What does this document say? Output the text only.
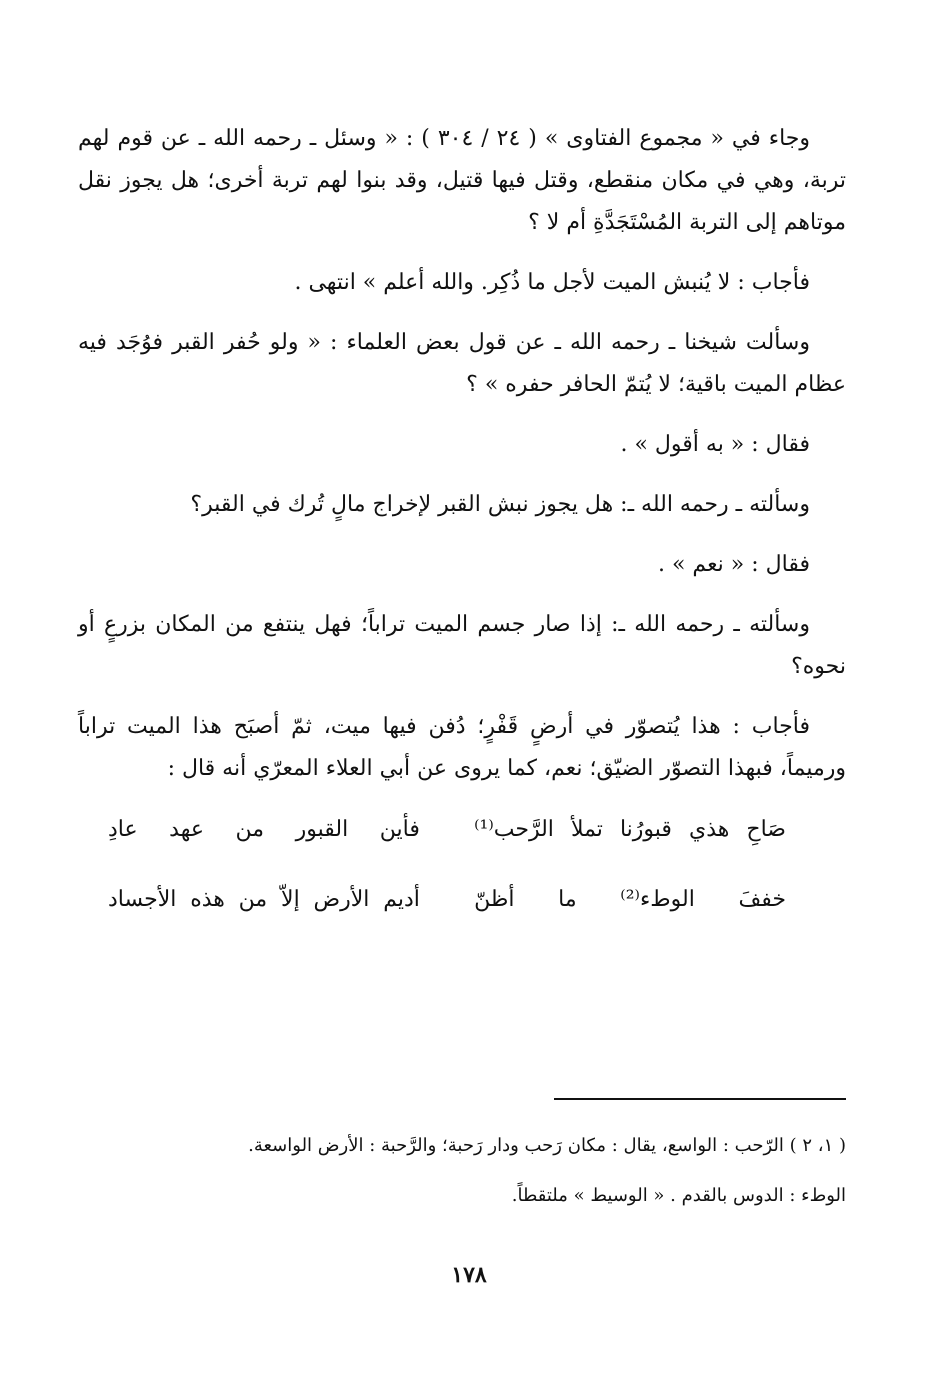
وجاء في « مجموع الفتاوى » ( ٢٤ / ٣٠٤ ) : « وسئل ـ رحمه الله ـ عن قوم لهم تربة، وهي في مكان منقطع، وقتل فيها قتيل، وقد بنوا لهم تربة أخرى؛ هل يجوز نقل موتاهم إلى التربة المُسْتَجَدَّةِ أم لا ؟

فأجاب : لا يُنبش الميت لأجل ما ذُكِر. والله أعلم » انتهى .

وسألت شيخنا ـ رحمه الله ـ عن قول بعض العلماء : « ولو حُفر القبر فوُجَد فيه عظام الميت باقية؛ لا يُتمّ الحافر حفره » ؟

فقال : « به أقول » .

وسألته ـ رحمه الله ـ: هل يجوز نبش القبر لإخراج مالٍ تُرك في القبر؟

فقال : « نعم » .

وسألته ـ رحمه الله ـ: إذا صار جسم الميت تراباً؛ فهل ينتفع من المكان بزرعٍ أو نحوه؟

فأجاب : هذا يُتصوّر في أرضٍ قَفْرٍ؛ دُفن فيها ميت، ثمّ أصبَح هذا الميت تراباً ورميماً، فبهذا التصوّر الضيّق؛ نعم، كما يروى عن أبي العلاء المعرّي أنه قال :

صَاحِ هذي قبورُنا تملأ الرَّحب⁽¹⁾
فأين القبور من عهد عادِ
خففَ الوطء⁽²⁾ ما أظنّ
أديم الأرض إلاّ من هذه الأجساد

( ١، ٢ ) الرّحب : الواسع، يقال : مكان رَحب ودار رَحبة؛ والرَّحبة : الأرض الواسعة.

الوطء : الدوس بالقدم . « الوسيط » ملتقطاً.

١٧٨
